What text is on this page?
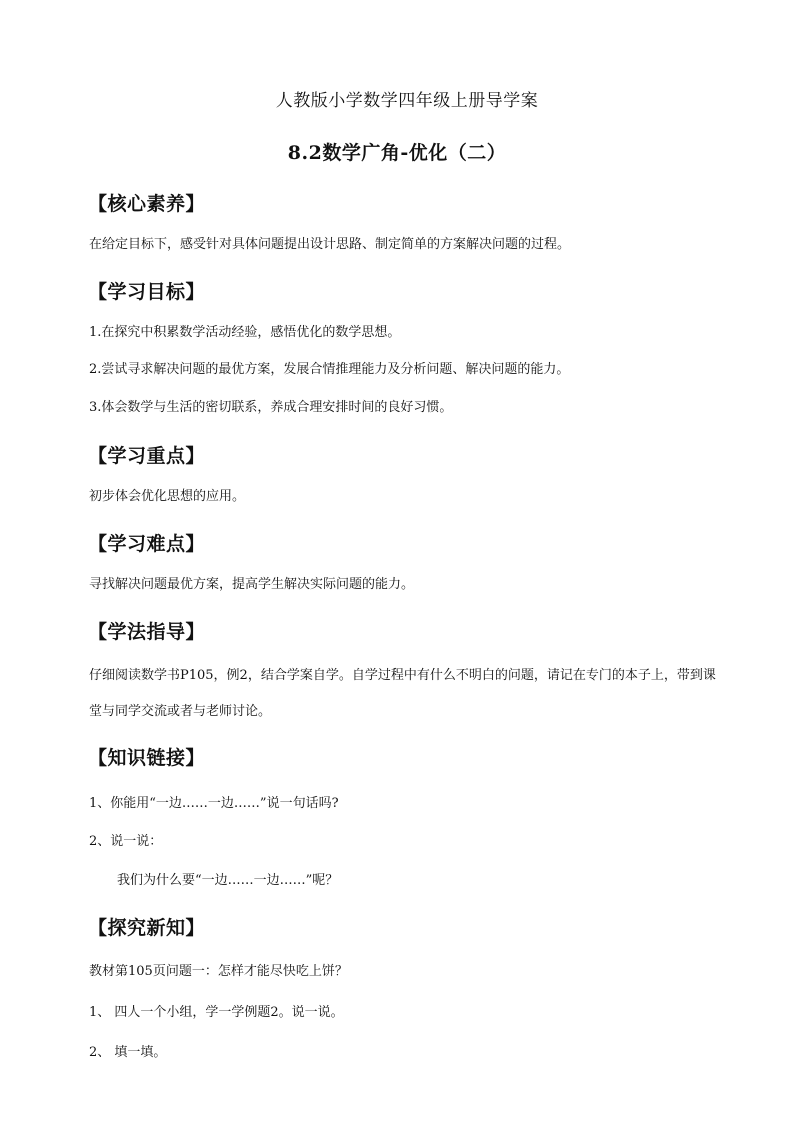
人教版小学数学四年级上册导学案
8.2数学广角-优化（二）
【核心素养】
在给定目标下，感受针对具体问题提出设计思路、制定简单的方案解决问题的过程。
【学习目标】
1.在探究中积累数学活动经验，感悟优化的数学思想。
2.尝试寻求解决问题的最优方案，发展合情推理能力及分析问题、解决问题的能力。
3.体会数学与生活的密切联系，养成合理安排时间的良好习惯。
【学习重点】
初步体会优化思想的应用。
【学习难点】
寻找解决问题最优方案，提高学生解决实际问题的能力。
【学法指导】
仔细阅读数学书P105，例2，结合学案自学。自学过程中有什么不明白的问题，请记在专门的本子上，带到课堂与同学交流或者与老师讨论。
【知识链接】
1、你能用“一边……一边……”说一句话吗?
2、说一说：
我们为什么要“一边……一边……”呢？
【探究新知】
教材第105页问题一：怎样才能尽快吃上饼？
1、 四人一个小组，学一学例题2。说一说。
2、 填一填。
